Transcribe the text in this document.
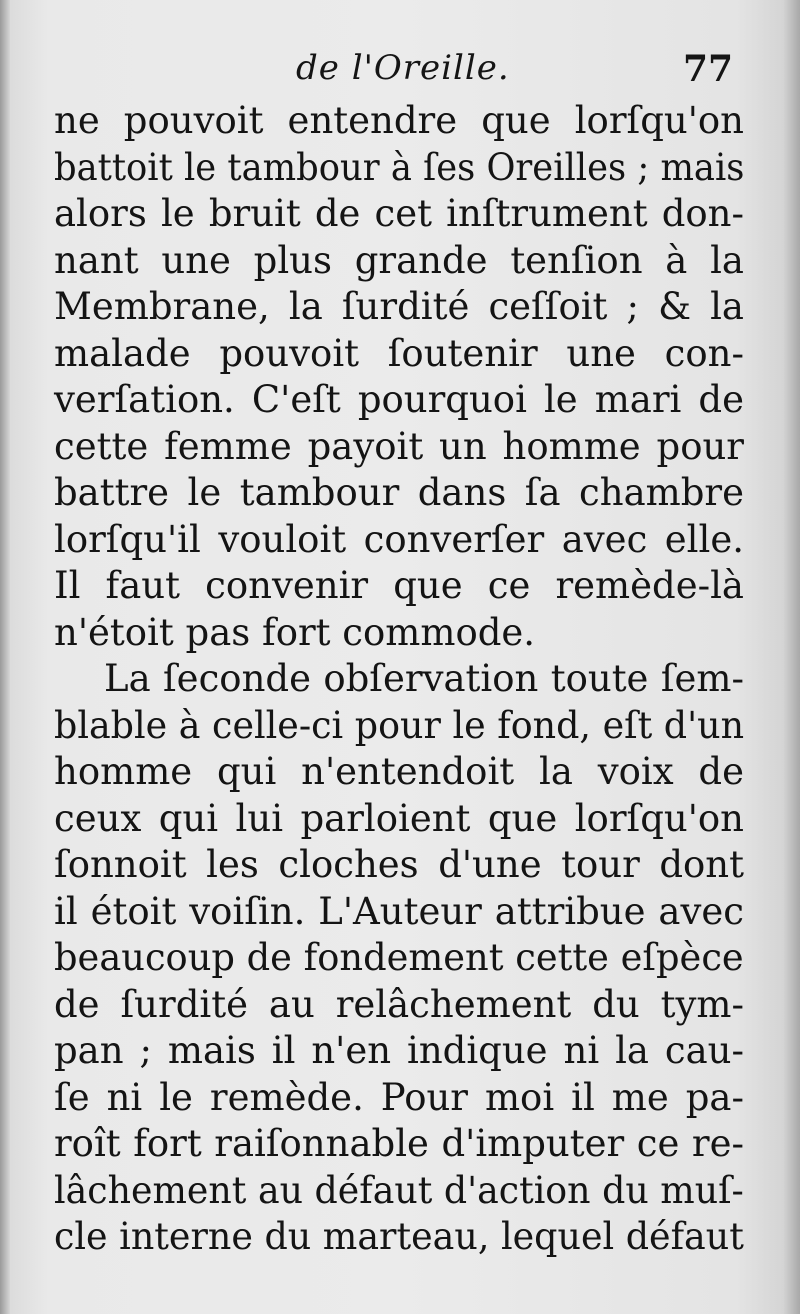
de l'Oreille.	77
ne pouvoit entendre que lorſqu'on
battoit le tambour à ſes Oreilles ; mais
alors le bruit de cet inſtrument don-
nant une plus grande tenſion à la
Membrane, la ſurdité ceſſoit ; & la
malade pouvoit ſoutenir une con-
verſation. C'eſt pourquoi le mari de
cette femme payoit un homme pour
battre le tambour dans ſa chambre
lorſqu'il vouloit converſer avec elle.
Il faut convenir que ce remède-là
n'étoit pas fort commode.
La ſeconde obſervation toute ſem-
blable à celle-ci pour le fond, eſt d'un
homme qui n'entendoit la voix de
ceux qui lui parloient que lorſqu'on
ſonnoit les cloches d'une tour dont
il étoit voiſin. L'Auteur attribue avec
beaucoup de fondement cette eſpèce
de ſurdité au relâchement du tym-
pan ; mais il n'en indique ni la cau-
ſe ni le remède. Pour moi il me pa-
roît fort raiſonnable d'imputer ce re-
lâchement au défaut d'action du muſ-
cle interne du marteau, lequel défaut
